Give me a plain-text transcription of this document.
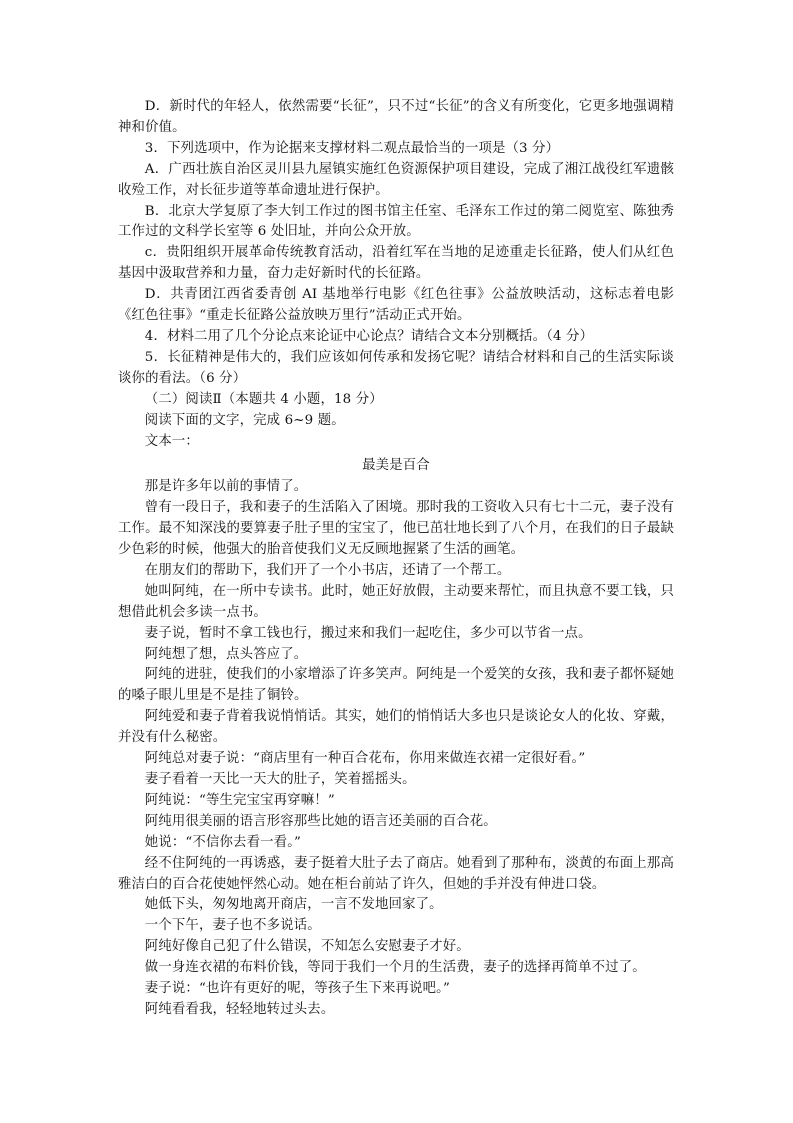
D．新时代的年轻人，依然需要“长征”，只不过“长征”的含义有所变化，它更多地强调精神和价值。

3．下列选项中，作为论据来支撑材料二观点最恰当的一项是（3 分）

A．广西壮族自治区灵川县九屋镇实施红色资源保护项目建设，完成了湘江战役红军遗骸收殓工作，对长征步道等革命遗址进行保护。

B．北京大学复原了李大钊工作过的图书馆主任室、毛泽东工作过的第二阅览室、陈独秀工作过的文科学长室等 6 处旧址，并向公众开放。

c．贵阳组织开展革命传统教育活动，沿着红军在当地的足迹重走长征路，使人们从红色基因中汲取营养和力量，奋力走好新时代的长征路。

D．共青团江西省委青创 AI 基地举行电影《红色往事》公益放映活动，这标志着电影《红色往事》“重走长征路公益放映万里行”活动正式开始。

4．材料二用了几个分论点来论证中心论点？请结合文本分别概括。（4 分）

5．长征精神是伟大的，我们应该如何传承和发扬它呢？请结合材料和自己的生活实际谈谈你的看法。（6 分）

（二）阅读Ⅱ（本题共 4 小题，18 分）

阅读下面的文字，完成 6~9 题。

文本一：

最美是百合

那是许多年以前的事情了。

曾有一段日子，我和妻子的生活陷入了困境。那时我的工资收入只有七十二元，妻子没有工作。最不知深浅的要算妻子肚子里的宝宝了，他已茁壮地长到了八个月，在我们的日子最缺少色彩的时候，他强大的胎音使我们义无反顾地握紧了生活的画笔。

在朋友们的帮助下，我们开了一个小书店，还请了一个帮工。

她叫阿纯，在一所中专读书。此时，她正好放假，主动要来帮忙，而且执意不要工钱，只想借此机会多读一点书。

妻子说，暂时不拿工钱也行，搬过来和我们一起吃住，多少可以节省一点。

阿纯想了想，点头答应了。

阿纯的进驻，使我们的小家增添了许多笑声。阿纯是一个爱笑的女孩，我和妻子都怀疑她的嗓子眼儿里是不是挂了铜铃。

阿纯爱和妻子背着我说悄悄话。其实，她们的悄悄话大多也只是谈论女人的化妆、穿戴，并没有什么秘密。

阿纯总对妻子说：“商店里有一种百合花布，你用来做连衣裙一定很好看。”

妻子看着一天比一天大的肚子，笑着摇摇头。

阿纯说：“等生完宝宝再穿嘛！”

阿纯用很美丽的语言形容那些比她的语言还美丽的百合花。

她说：“不信你去看一看。”

经不住阿纯的一再诱惑，妻子挺着大肚子去了商店。她看到了那种布，淡黄的布面上那高雅洁白的百合花使她怦然心动。她在柜台前站了许久，但她的手并没有伸进口袋。

她低下头，匆匆地离开商店，一言不发地回家了。

一个下午，妻子也不多说话。

阿纯好像自己犯了什么错误，不知怎么安慰妻子才好。

做一身连衣裙的布料价钱，等同于我们一个月的生活费，妻子的选择再简单不过了。

妻子说：“也许有更好的呢，等孩子生下来再说吧。”

阿纯看看我，轻轻地转过头去。
